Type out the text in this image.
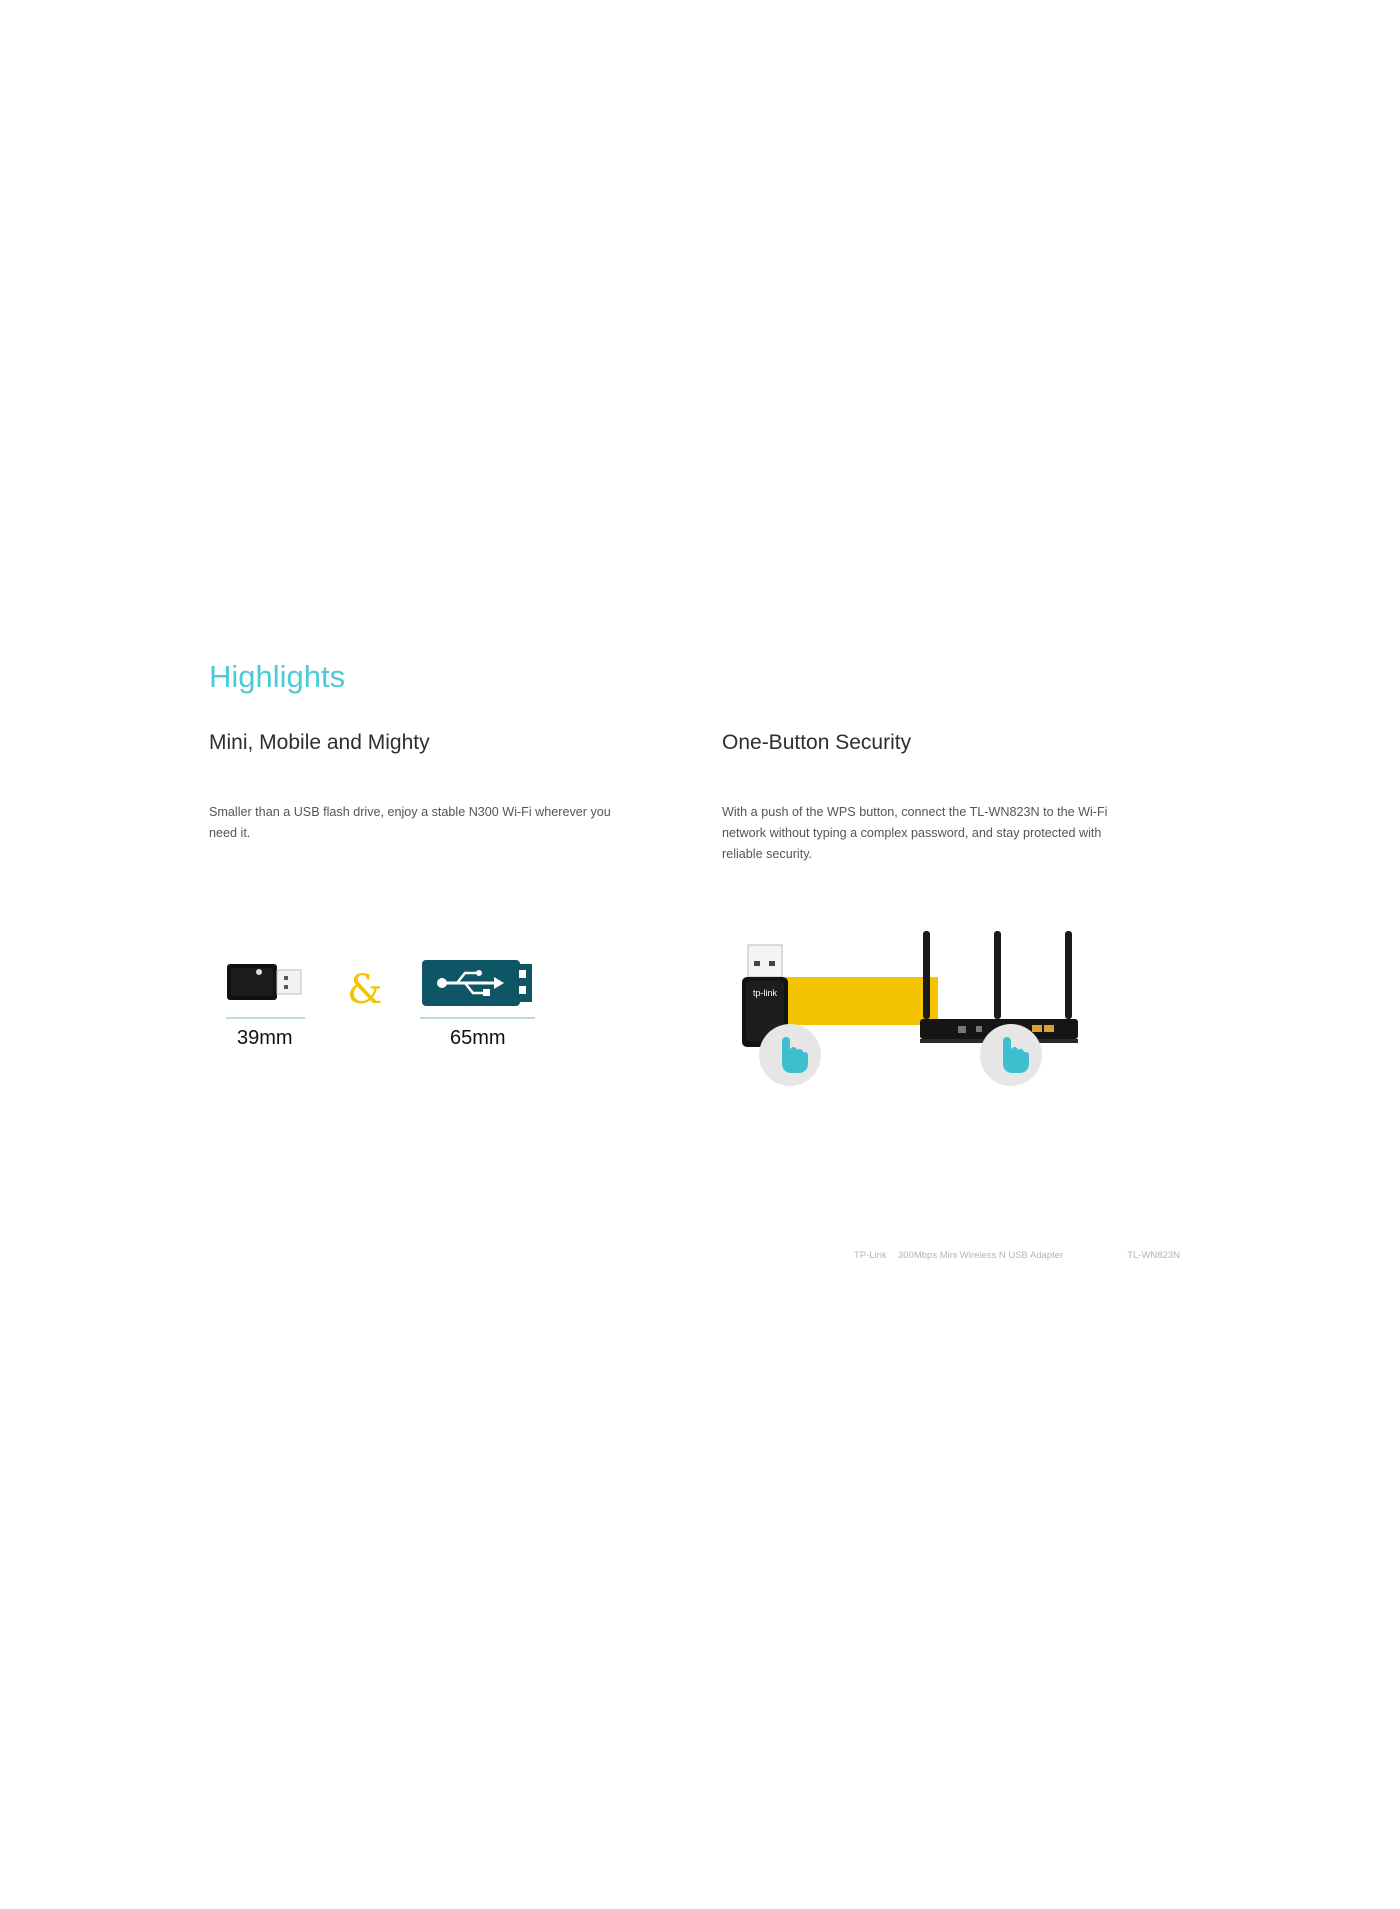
Highlights
Mini, Mobile and Mighty

Smaller than a USB flash drive, enjoy a stable N300 Wi-Fi wherever you need it.

One-Button Security

With a push of the WPS button, connect the TL-WN823N to the Wi-Fi network without typing a complex password, and stay protected with reliable security.

39mm
&
65mm
tp-link
TP-Link 300Mbps Mini Wireless N USB Adapter	TL-WN823N
